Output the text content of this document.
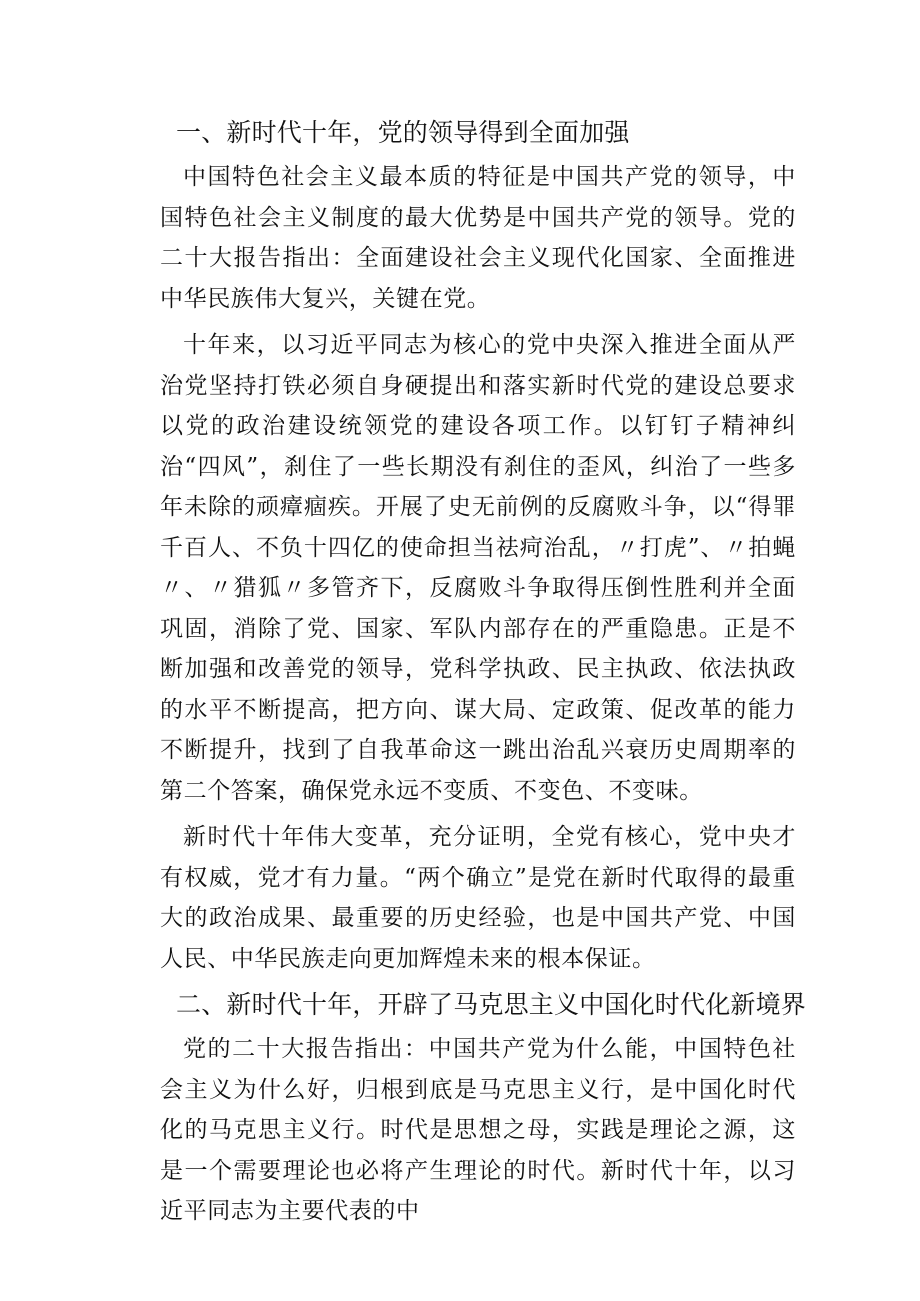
一、新时代十年，党的领导得到全面加强

中国特色社会主义最本质的特征是中国共产党的领导，中国特色社会主义制度的最大优势是中国共产党的领导。党的二十大报告指出：全面建设社会主义现代化国家、全面推进中华民族伟大复兴，关键在党。

十年来，以习近平同志为核心的党中央深入推进全面从严治党坚持打铁必须自身硬提出和落实新时代党的建设总要求以党的政治建设统领党的建设各项工作。以钉钉子精神纠治“四风”，刹住了一些长期没有刹住的歪风，纠治了一些多年未除的顽瘴痼疾。开展了史无前例的反腐败斗争，以“得罪千百人、不负十四亿的使命担当祛疴治乱，〃打虎”、〃拍蝇〃、〃猎狐〃多管齐下，反腐败斗争取得压倒性胜利并全面巩固，消除了党、国家、军队内部存在的严重隐患。正是不断加强和改善党的领导，党科学执政、民主执政、依法执政的水平不断提高，把方向、谋大局、定政策、促改革的能力不断提升，找到了自我革命这一跳出治乱兴衰历史周期率的第二个答案，确保党永远不变质、不变色、不变味。

新时代十年伟大变革，充分证明，全党有核心，党中央才有权威，党才有力量。“两个确立”是党在新时代取得的最重大的政治成果、最重要的历史经验，也是中国共产党、中国人民、中华民族走向更加辉煌未来的根本保证。

二、新时代十年，开辟了马克思主义中国化时代化新境界

党的二十大报告指出：中国共产党为什么能，中国特色社会主义为什么好，归根到底是马克思主义行，是中国化时代化的马克思主义行。时代是思想之母，实践是理论之源，这是一个需要理论也必将产生理论的时代。新时代十年，以习近平同志为主要代表的中
